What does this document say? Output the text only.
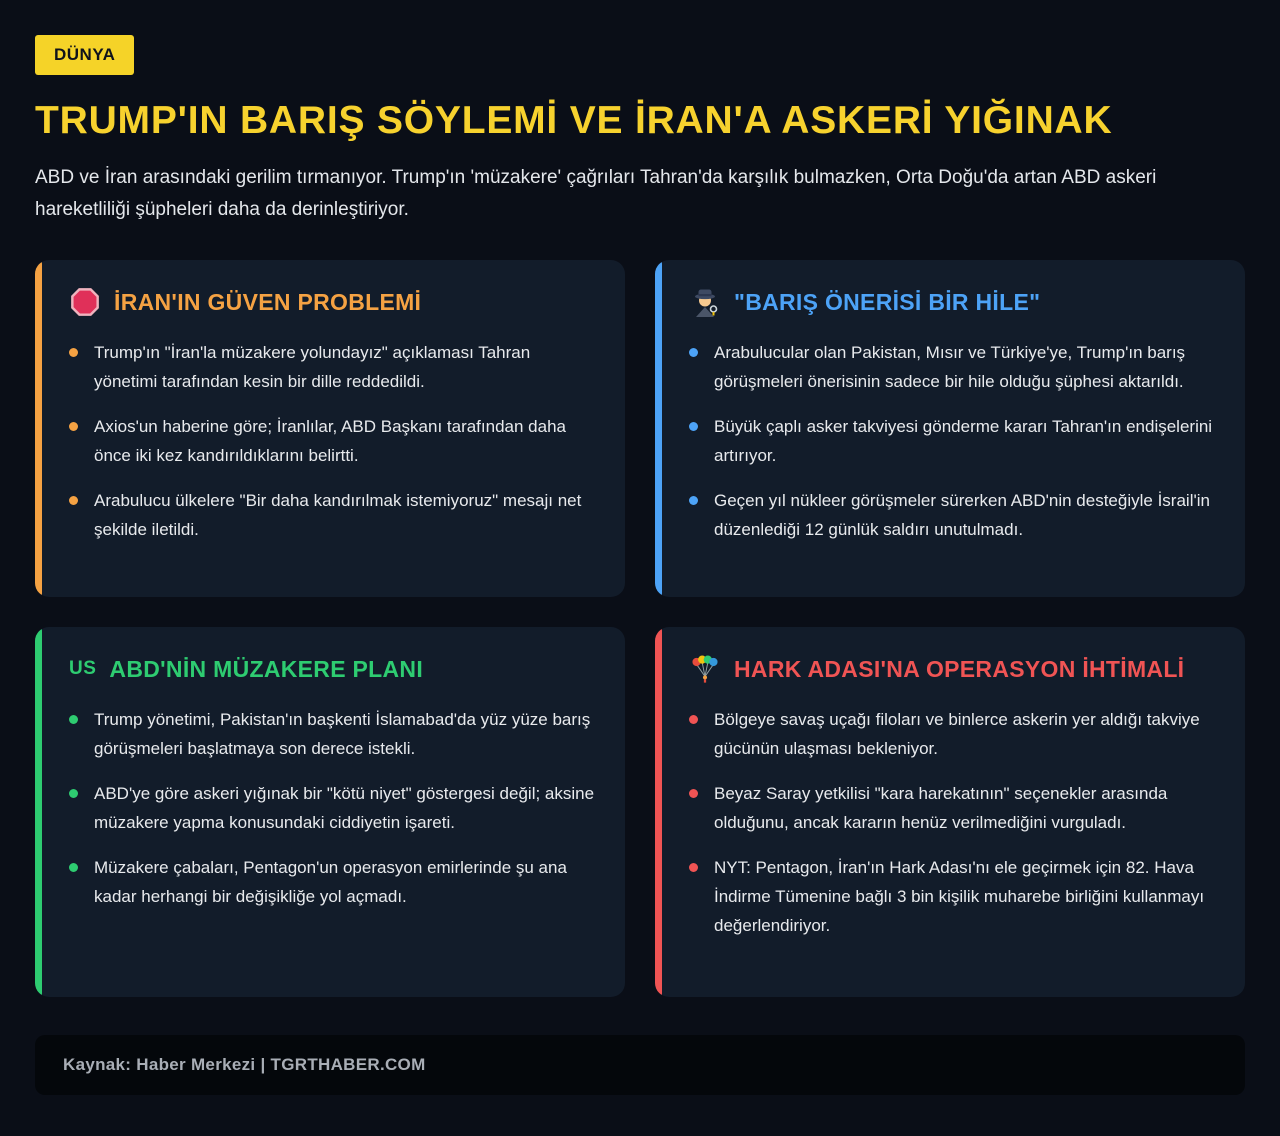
DÜNYA
TRUMP'IN BARIŞ SÖYLEMİ VE İRAN'A ASKERİ YIĞINAK

ABD ve İran arasındaki gerilim tırmanıyor. Trump'ın 'müzakere' çağrıları Tahran'da karşılık bulmazken, Orta Doğu'da artan ABD askeri hareketliliği şüpheleri daha da derinleştiriyor.

İRAN'IN GÜVEN PROBLEMİ
Trump'ın "İran'la müzakere yolundayız" açıklaması Tahran yönetimi tarafından kesin bir dille reddedildi.
Axios'un haberine göre; İranlılar, ABD Başkanı tarafından daha önce iki kez kandırıldıklarını belirtti.
Arabulucu ülkelere "Bir daha kandırılmak istemiyoruz" mesajı net şekilde iletildi.
"BARIŞ ÖNERİSİ BİR HİLE"
Arabulucular olan Pakistan, Mısır ve Türkiye'ye, Trump'ın barış görüşmeleri önerisinin sadece bir hile olduğu şüphesi aktarıldı.
Büyük çaplı asker takviyesi gönderme kararı Tahran'ın endişelerini artırıyor.
Geçen yıl nükleer görüşmeler sürerken ABD'nin desteğiyle İsrail'in düzenlediği 12 günlük saldırı unutulmadı.
US ABD'NİN MÜZAKERE PLANI
Trump yönetimi, Pakistan'ın başkenti İslamabad'da yüz yüze barış görüşmeleri başlatmaya son derece istekli.
ABD'ye göre askeri yığınak bir "kötü niyet" göstergesi değil; aksine müzakere yapma konusundaki ciddiyetin işareti.
Müzakere çabaları, Pentagon'un operasyon emirlerinde şu ana kadar herhangi bir değişikliğe yol açmadı.
HARK ADASI'NA OPERASYON İHTİMALİ
Bölgeye savaş uçağı filoları ve binlerce askerin yer aldığı takviye gücünün ulaşması bekleniyor.
Beyaz Saray yetkilisi "kara harekatının" seçenekler arasında olduğunu, ancak kararın henüz verilmediğini vurguladı.
NYT: Pentagon, İran'ın Hark Adası'nı ele geçirmek için 82. Hava İndirme Tümenine bağlı 3 bin kişilik muharebe birliğini kullanmayı değerlendiriyor.
Kaynak: Haber Merkezi | TGRTHABER.COM
